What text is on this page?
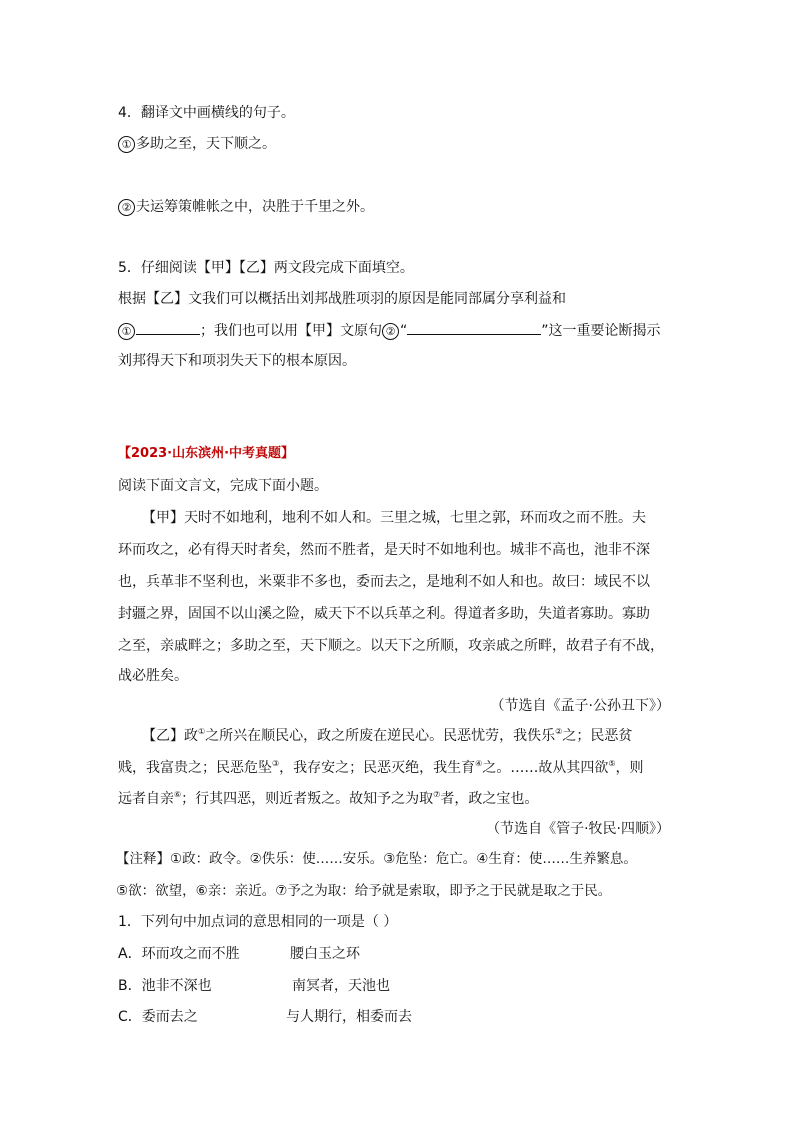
4．翻译文中画横线的句子。
① 多助之至，天下顺之。
② 夫运筹策帷帐之中，决胜于千里之外。
5．仔细阅读【甲】【乙】两文段完成下面填空。
根据【乙】文我们可以概括出刘邦战胜项羽的原因是能同部属分享利益和
①	；我们也可以用【甲】文原句 ② “	”这一重要论断揭示
刘邦得天下和项羽失天下的根本原因。
【2023·山东滨州·中考真题】
阅读下面文言文，完成下面小题。
【甲】天时不如地利，地利不如人和。三里之城，七里之郭，环而攻之而不胜。夫
环而攻之，必有得天时者矣，然而不胜者，是天时不如地利也。城非不高也，池非不深
也，兵革非不坚利也，米粟非不多也，委而去之，是地利不如人和也。故曰：域民不以
封疆之界，固国不以山溪之险，威天下不以兵革之利。得道者多助，失道者寡助。寡助
之至，亲戚畔之；多助之至，天下顺之。以天下之所顺，攻亲戚之所畔，故君子有不战，
战必胜矣。
（节选自《孟子·公孙丑下》）
【乙】政①之所兴在顺民心，政之所废在逆民心。民恶忧劳，我佚乐②之；民恶贫
贱，我富贵之；民恶危坠③，我存安之；民恶灭绝，我生育④之。……故从其四欲⑤，则
远者自亲⑥；行其四恶，则近者叛之。故知予之为取⑦者，政之宝也。
（节选自《管子·牧民·四顺》）
【注释】①政：政令。②佚乐：使……安乐。③危坠：危亡。④生育：使……生养繁息。
⑤欲：欲望，⑥亲：亲近。⑦予之为取：给予就是索取，即予之于民就是取之于民。
1．下列句中加点词的意思相同的一项是（ ）
A．环而攻之而不胜	腰白玉之环
B．池非不深也	南冥者，天池也
C．委而去之	与人期行，相委而去
